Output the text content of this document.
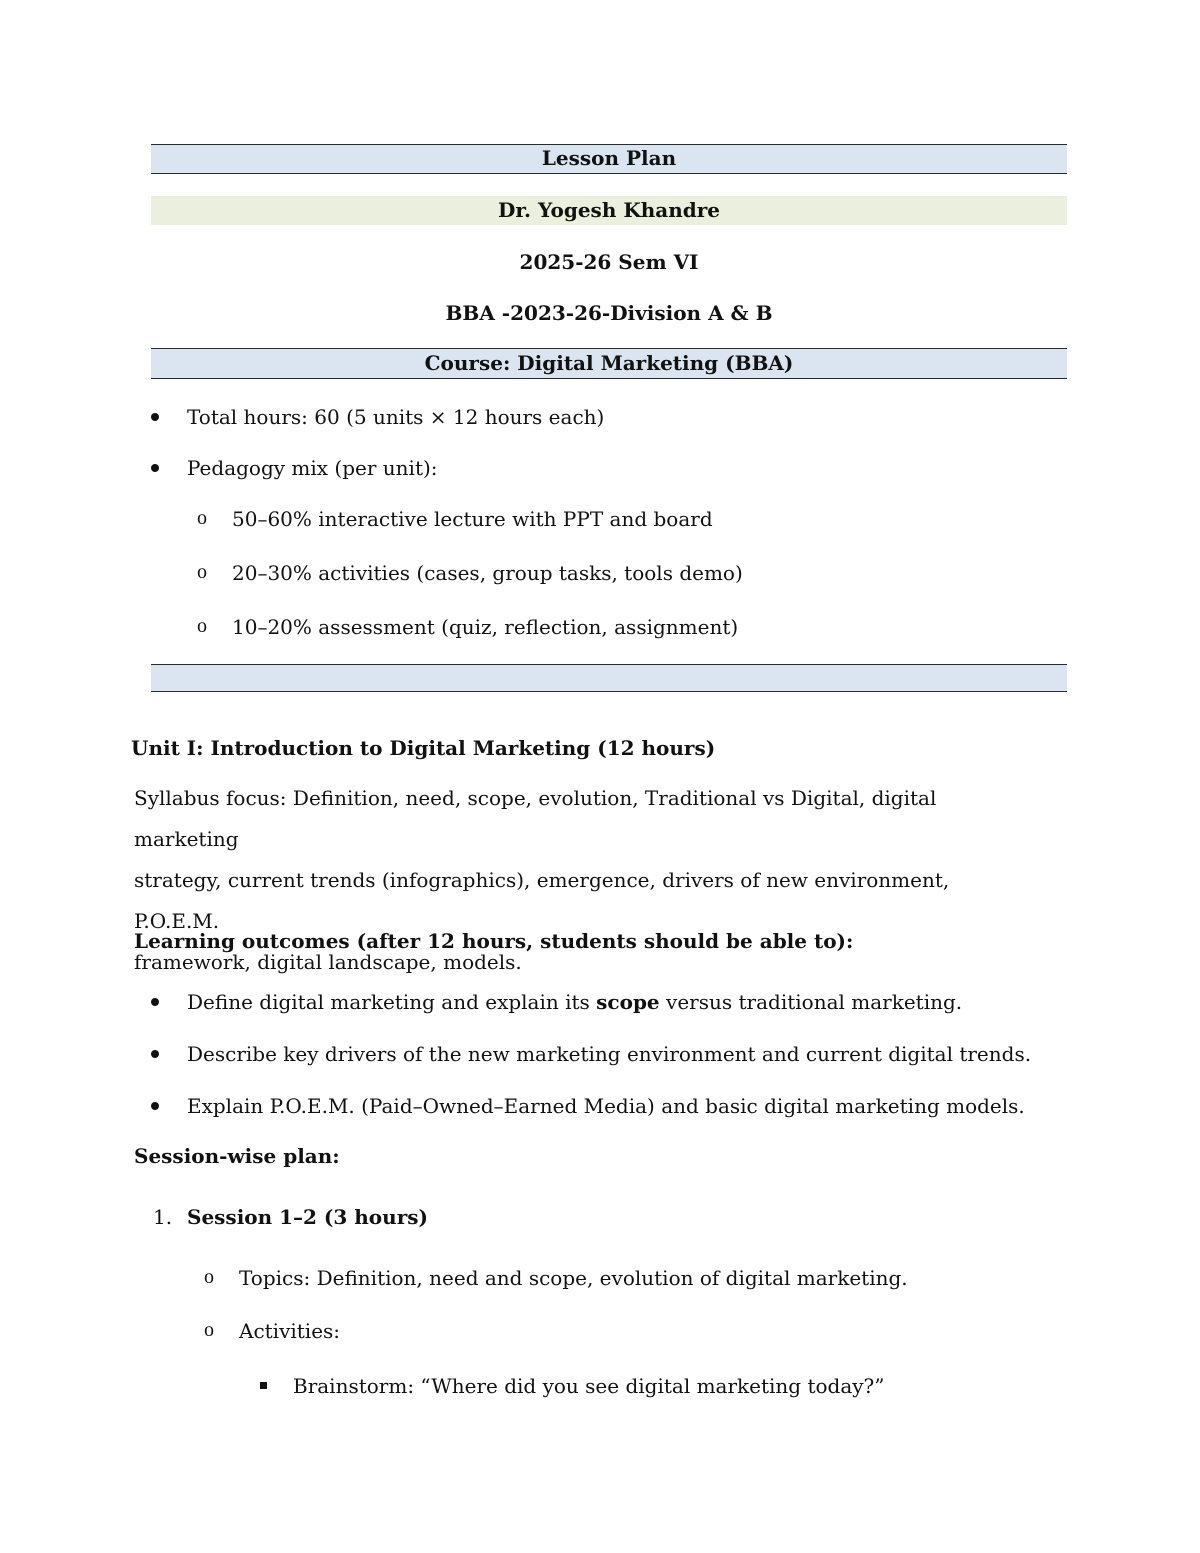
Lesson Plan
Dr. Yogesh Khandre
2025-26 Sem VI
BBA -2023-26-Division A & B
Course: Digital Marketing (BBA)
Total hours: 60 (5 units × 12 hours each)
Pedagogy mix (per unit):
o 50–60% interactive lecture with PPT and board
o 20–30% activities (cases, group tasks, tools demo)
o 10–20% assessment (quiz, reflection, assignment)
Unit I: Introduction to Digital Marketing (12 hours)
Syllabus focus: Definition, need, scope, evolution, Traditional vs Digital, digital marketing
strategy, current trends (infographics), emergence, drivers of new environment, P.O.E.M.
framework, digital landscape, models.
Learning outcomes (after 12 hours, students should be able to):
Define digital marketing and explain its scope versus traditional marketing.
Describe key drivers of the new marketing environment and current digital trends.
Explain P.O.E.M. (Paid–Owned–Earned Media) and basic digital marketing models.
Session-wise plan:
1. Session 1–2 (3 hours)
o Topics: Definition, need and scope, evolution of digital marketing.
o Activities:
Brainstorm: “Where did you see digital marketing today?”
